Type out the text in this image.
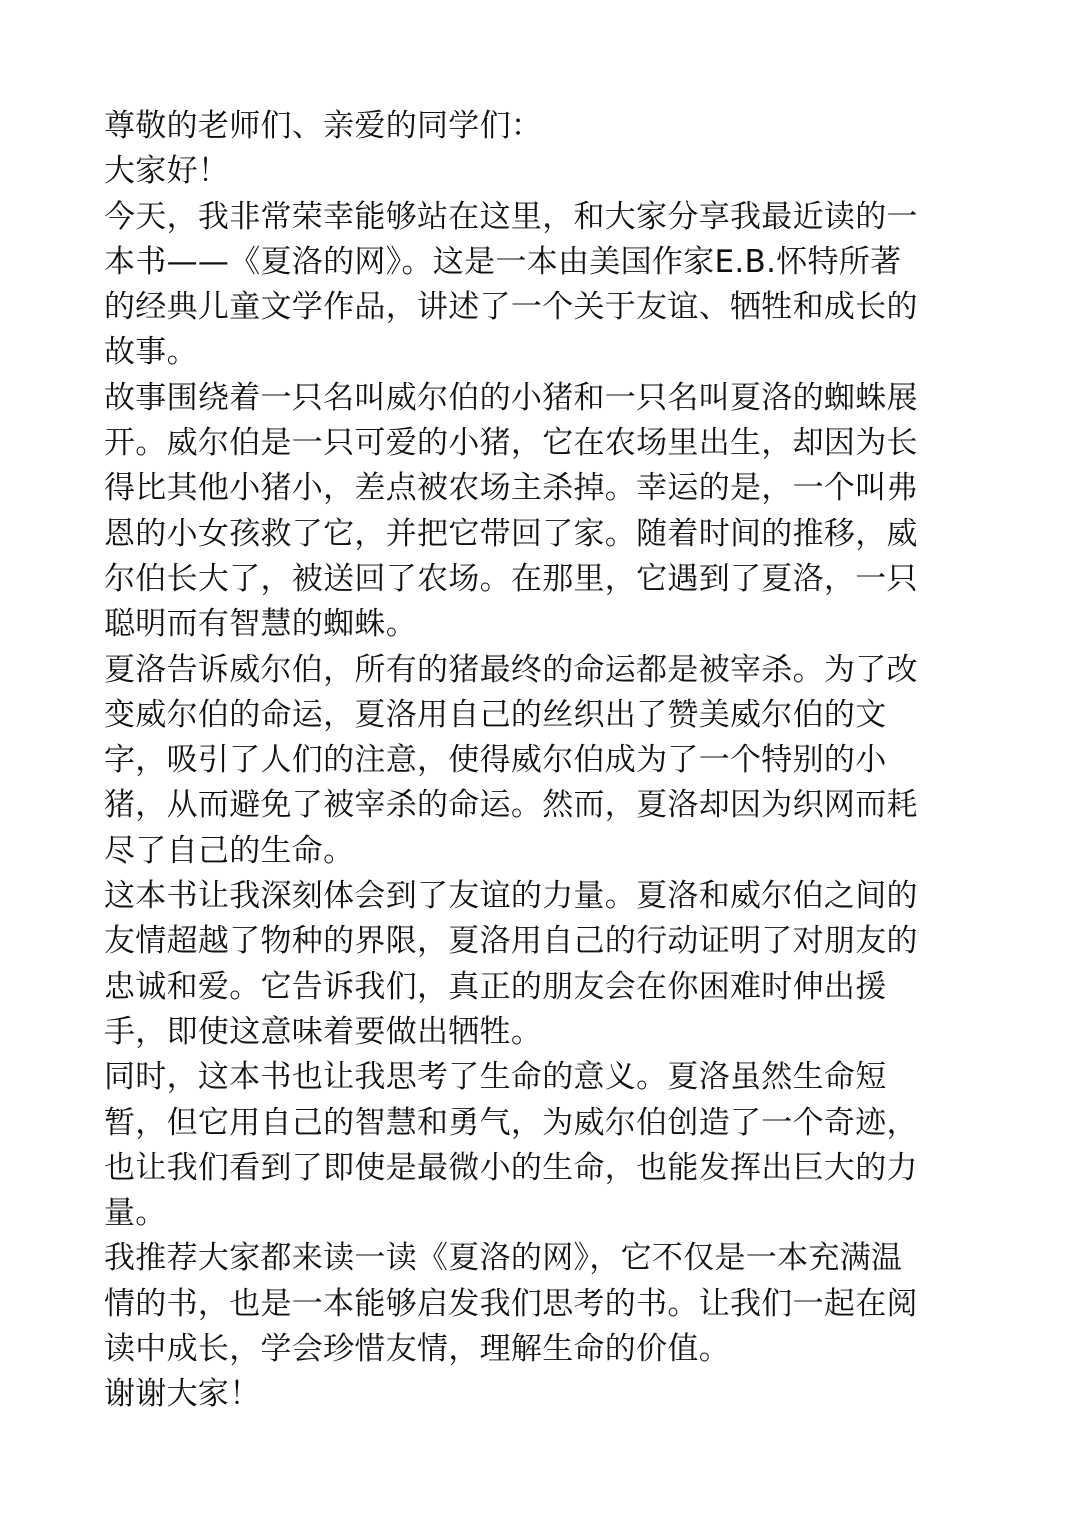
尊敬的老师们、亲爱的同学们：
大家好！
今天，我非常荣幸能够站在这里，和大家分享我最近读的一
本书——《夏洛的网》。这是一本由美国作家E.B.怀特所著
的经典儿童文学作品，讲述了一个关于友谊、牺牲和成长的
故事。
故事围绕着一只名叫威尔伯的小猪和一只名叫夏洛的蜘蛛展
开。威尔伯是一只可爱的小猪，它在农场里出生，却因为长
得比其他小猪小，差点被农场主杀掉。幸运的是，一个叫弗
恩的小女孩救了它，并把它带回了家。随着时间的推移，威
尔伯长大了，被送回了农场。在那里，它遇到了夏洛，一只
聪明而有智慧的蜘蛛。
夏洛告诉威尔伯，所有的猪最终的命运都是被宰杀。为了改
变威尔伯的命运，夏洛用自己的丝织出了赞美威尔伯的文
字，吸引了人们的注意，使得威尔伯成为了一个特别的小
猪，从而避免了被宰杀的命运。然而，夏洛却因为织网而耗
尽了自己的生命。
这本书让我深刻体会到了友谊的力量。夏洛和威尔伯之间的
友情超越了物种的界限，夏洛用自己的行动证明了对朋友的
忠诚和爱。它告诉我们，真正的朋友会在你困难时伸出援
手，即使这意味着要做出牺牲。
同时，这本书也让我思考了生命的意义。夏洛虽然生命短
暂，但它用自己的智慧和勇气，为威尔伯创造了一个奇迹，
也让我们看到了即使是最微小的生命，也能发挥出巨大的力
量。
我推荐大家都来读一读《夏洛的网》，它不仅是一本充满温
情的书，也是一本能够启发我们思考的书。让我们一起在阅
读中成长，学会珍惜友情，理解生命的价值。
谢谢大家！
